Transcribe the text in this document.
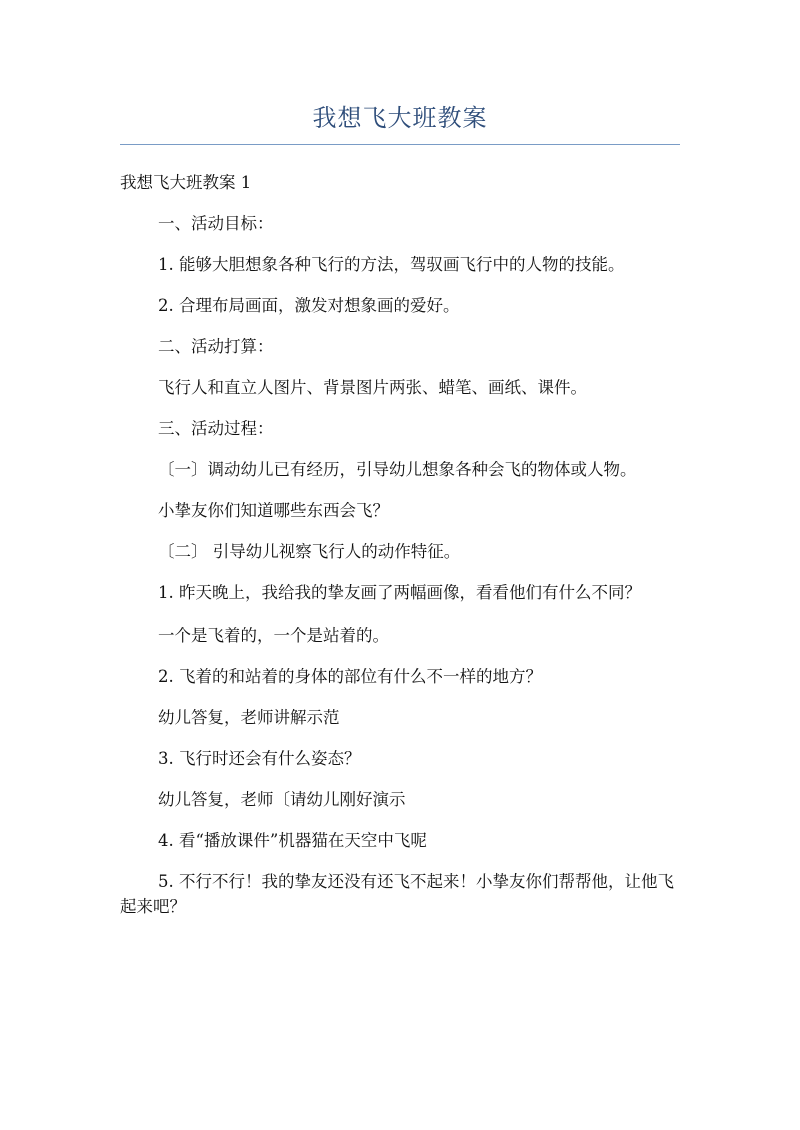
我想飞大班教案

我想飞大班教案 1

一、活动目标：

1. 能够大胆想象各种飞行的方法，驾驭画飞行中的人物的技能。

2. 合理布局画面，激发对想象画的爱好。

二、活动打算：

飞行人和直立人图片、背景图片两张、蜡笔、画纸、课件。

三、活动过程：

〔一〕调动幼儿已有经历，引导幼儿想象各种会飞的物体或人物。

小挚友你们知道哪些东西会飞？

〔二〕 引导幼儿视察飞行人的动作特征。

1. 昨天晚上，我给我的挚友画了两幅画像，看看他们有什么不同？

一个是飞着的，一个是站着的。

2. 飞着的和站着的身体的部位有什么不一样的地方？

幼儿答复，老师讲解示范

3. 飞行时还会有什么姿态？

幼儿答复，老师〔请幼儿刚好演示

4. 看“播放课件”机器猫在天空中飞呢

5. 不行不行！我的挚友还没有还飞不起来！小挚友你们帮帮他，让他飞起来吧？
